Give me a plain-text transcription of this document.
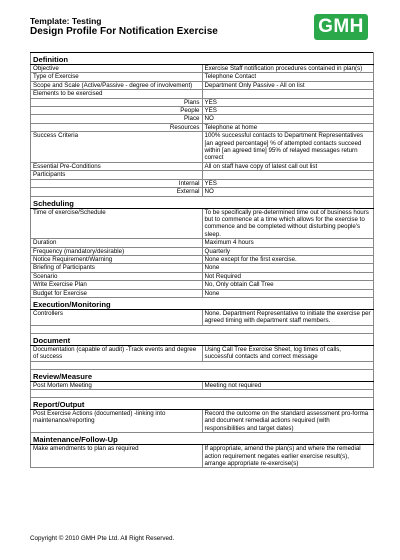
Template: Testing
Design Profile For Notification Exercise	GMH
Definition	
Objective	Exercise Staff notification procedures contained in plan(s)
Type of Exercise	Telephone Contact
Scope and Scale (Active/Passive - degree of involvement)	Department Only Passive - All on list
Elements to be exercised	
Plans	YES
People	YES
Place	NO
Resources	Telephone at home
Success Criteria	100% successful contacts to Department Representatives
[an agreed percentage] % of attempted contacts succeed within [an agreed time] 95% of relayed messages return correct
Essential Pre-Conditions	All on staff have copy of latest call out list
Participants	
Internal	YES
External	NO
Scheduling	
Time of exercise/Schedule	To be specifically pre-determined time out of business hours but to commence at a time which allows for the exercise to commence and be completed without disturbing people's sleep.
Duration	Maximum 4 hours
Frequency (mandatory/desirable)	Quarterly
Notice Requirement/Warning	None except for the first exercise.
Briefing of Participants	None
Scenario	Not Required
Write Exercise Plan	No, Only obtain Call Tree
Budget for Exercise	None
Execution/Monitoring	
Controllers	None. Department Representative to initiate the exercise per agreed timing with department staff members.

Document	
Documentation (capable of audit) -Track events and degree of success	Using Call Tree Exercise Sheet, log times of calls, successful contacts and correct message

Review/Measure	
Post Mortem Meeting	Meeting not required

Report/Output	
Post Exercise Actions (documented) -linking into maintenance/reporting	Record the outcome on the standard assessment pro-forma and document remedial actions required (with responsibilities and target dates)
Maintenance/Follow-Up	
Make amendments to plan as required	If appropriate, amend the plan(s) and where the remedial action requirement negates earlier exercise result(s), arrange appropriate re-exercise(s)
Copyright © 2010 GMH Pte Ltd. All Right Reserved.
